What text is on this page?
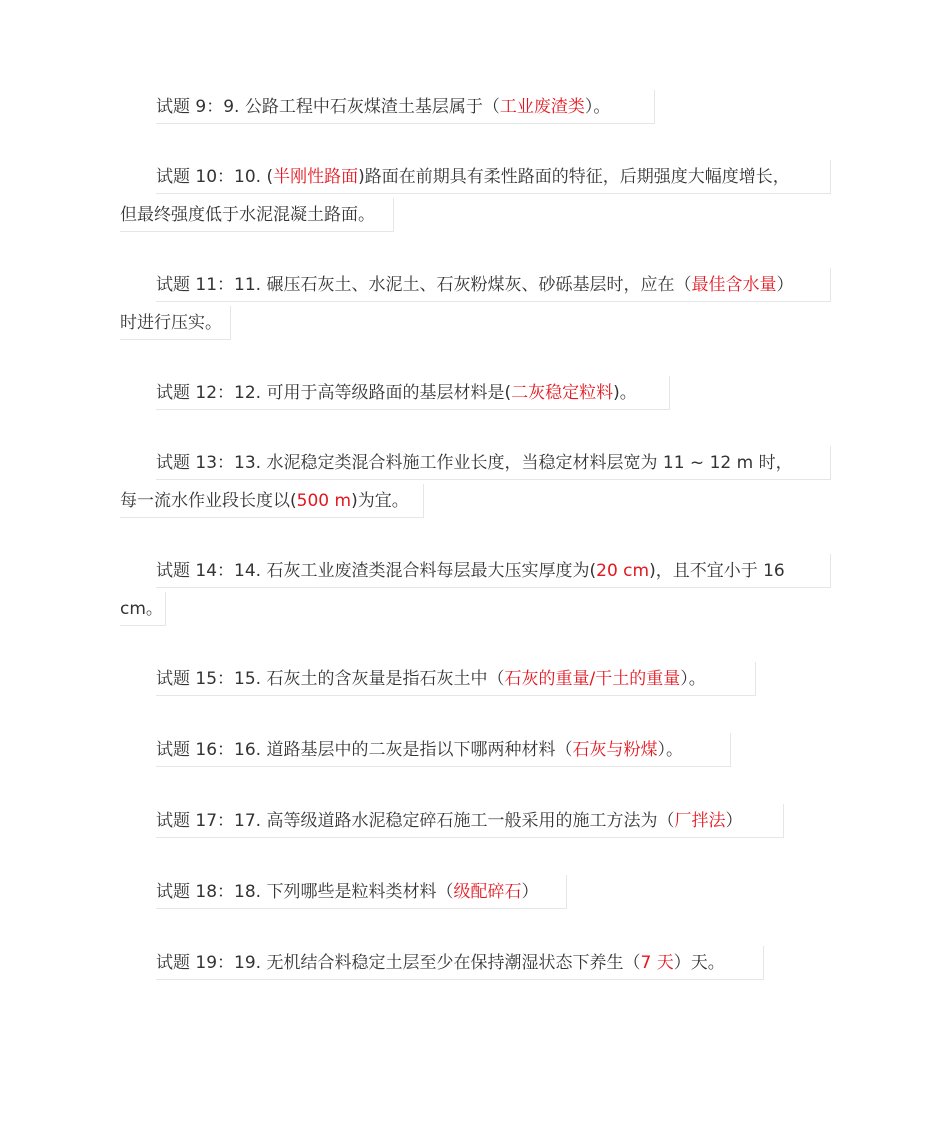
试题 9：9. 公路工程中石灰煤渣土基层属于（工业废渣类）。
试题 10：10. (半刚性路面)路面在前期具有柔性路面的特征，后期强度大幅度增长，
但最终强度低于水泥混凝土路面。
试题 11：11. 碾压石灰土、水泥土、石灰粉煤灰、砂砾基层时，应在（最佳含水量）
时进行压实。
试题 12：12. 可用于高等级路面的基层材料是(二灰稳定粒料)。
试题 13：13. 水泥稳定类混合料施工作业长度，当稳定材料层宽为 11 ~ 12 m 时，
每一流水作业段长度以(500 m)为宜。
试题 14：14. 石灰工业废渣类混合料每层最大压实厚度为(20 cm)，且不宜小于 16
cm。
试题 15：15. 石灰土的含灰量是指石灰土中（石灰的重量/干土的重量）。
试题 16：16. 道路基层中的二灰是指以下哪两种材料（石灰与粉煤）。
试题 17：17. 高等级道路水泥稳定碎石施工一般采用的施工方法为（厂拌法）
试题 18：18. 下列哪些是粒料类材料（级配碎石）
试题 19：19. 无机结合料稳定土层至少在保持潮湿状态下养生（7 天）天。
